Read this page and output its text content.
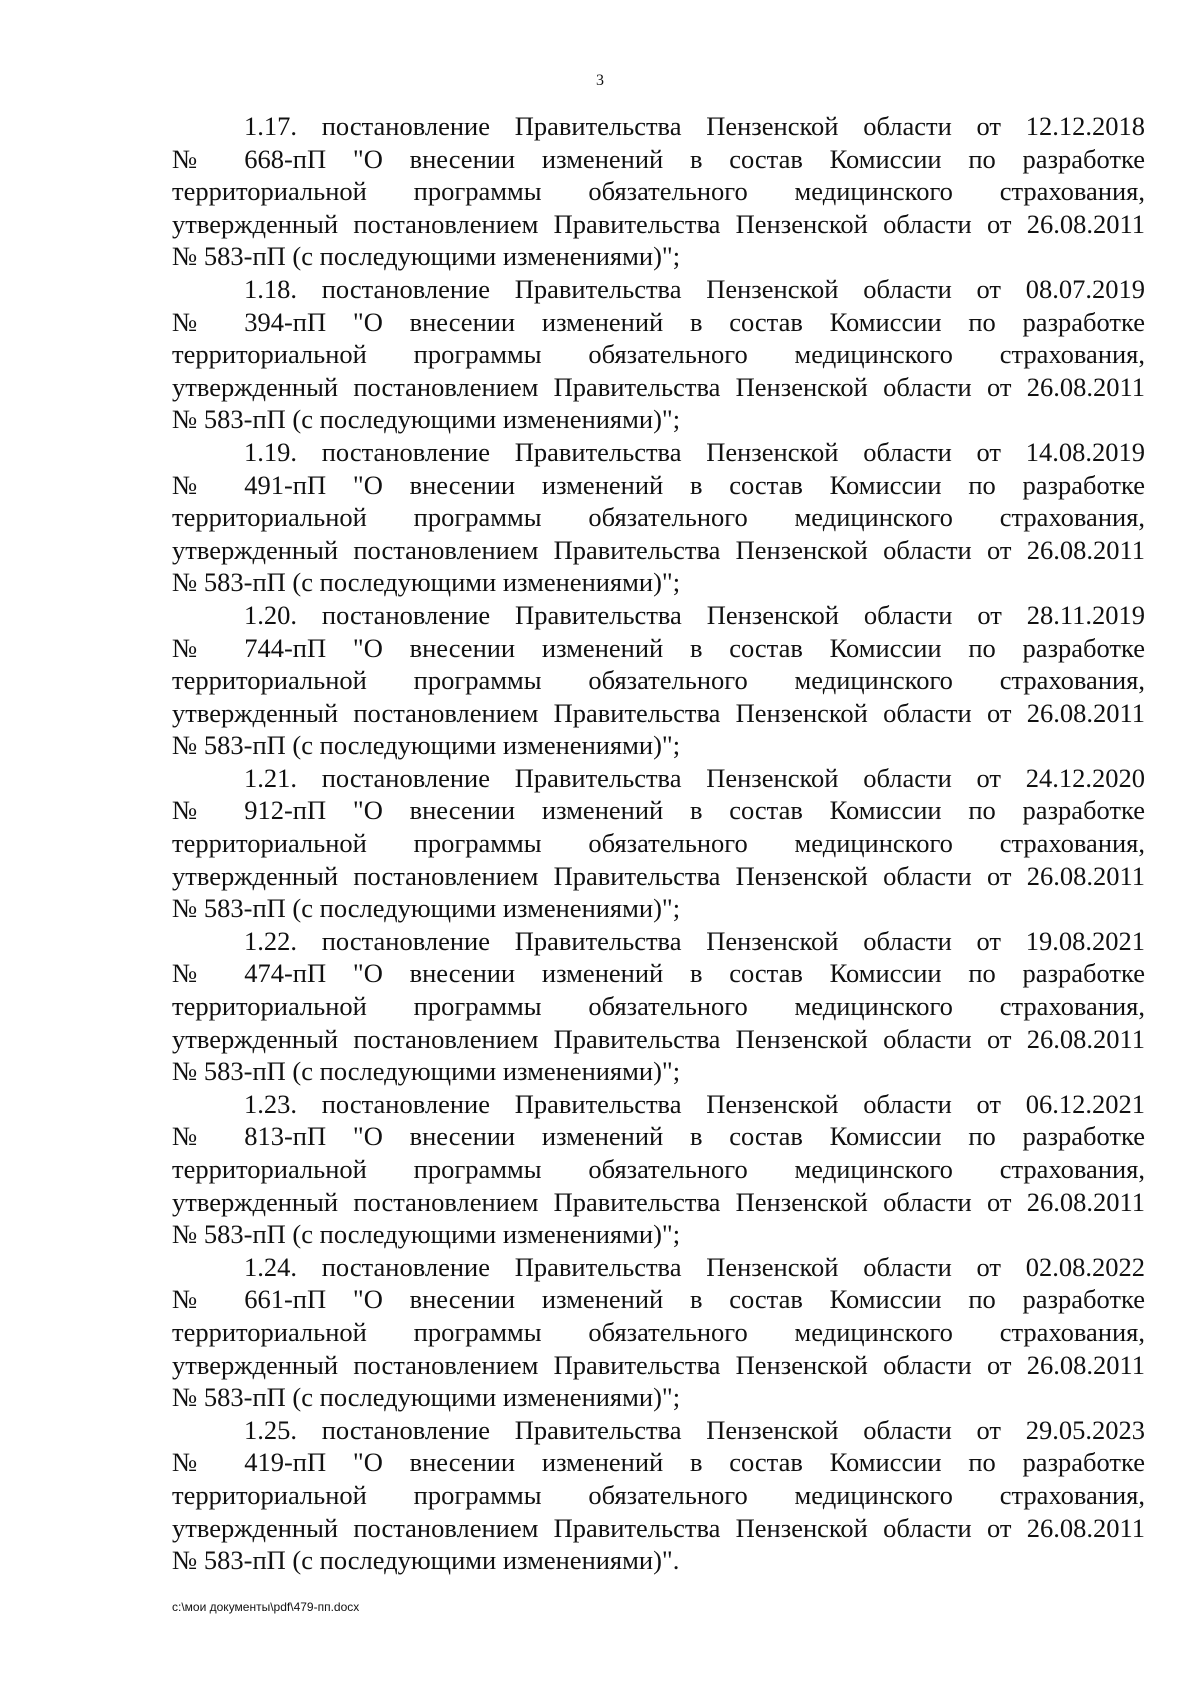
3
1.17. постановление Правительства Пензенской области от 12.12.2018
№ 668-пП "О внесении изменений в состав Комиссии по разработке
территориальной программы обязательного медицинского страхования,
утвержденный постановлением Правительства Пензенской области от 26.08.2011
№ 583-пП (с последующими изменениями)";
1.18. постановление Правительства Пензенской области от 08.07.2019
№ 394-пП "О внесении изменений в состав Комиссии по разработке
территориальной программы обязательного медицинского страхования,
утвержденный постановлением Правительства Пензенской области от 26.08.2011
№ 583-пП (с последующими изменениями)";
1.19. постановление Правительства Пензенской области от 14.08.2019
№ 491-пП "О внесении изменений в состав Комиссии по разработке
территориальной программы обязательного медицинского страхования,
утвержденный постановлением Правительства Пензенской области от 26.08.2011
№ 583-пП (с последующими изменениями)";
1.20. постановление Правительства Пензенской области от 28.11.2019
№ 744-пП "О внесении изменений в состав Комиссии по разработке
территориальной программы обязательного медицинского страхования,
утвержденный постановлением Правительства Пензенской области от 26.08.2011
№ 583-пП (с последующими изменениями)";
1.21. постановление Правительства Пензенской области от 24.12.2020
№ 912-пП "О внесении изменений в состав Комиссии по разработке
территориальной программы обязательного медицинского страхования,
утвержденный постановлением Правительства Пензенской области от 26.08.2011
№ 583-пП (с последующими изменениями)";
1.22. постановление Правительства Пензенской области от 19.08.2021
№ 474-пП "О внесении изменений в состав Комиссии по разработке
территориальной программы обязательного медицинского страхования,
утвержденный постановлением Правительства Пензенской области от 26.08.2011
№ 583-пП (с последующими изменениями)";
1.23. постановление Правительства Пензенской области от 06.12.2021
№ 813-пП "О внесении изменений в состав Комиссии по разработке
территориальной программы обязательного медицинского страхования,
утвержденный постановлением Правительства Пензенской области от 26.08.2011
№ 583-пП (с последующими изменениями)";
1.24. постановление Правительства Пензенской области от 02.08.2022
№ 661-пП "О внесении изменений в состав Комиссии по разработке
территориальной программы обязательного медицинского страхования,
утвержденный постановлением Правительства Пензенской области от 26.08.2011
№ 583-пП (с последующими изменениями)";
1.25. постановление Правительства Пензенской области от 29.05.2023
№ 419-пП "О внесении изменений в состав Комиссии по разработке
территориальной программы обязательного медицинского страхования,
утвержденный постановлением Правительства Пензенской области от 26.08.2011
№ 583-пП (с последующими изменениями)".
c:\мои документы\pdf\479-пп.docx
